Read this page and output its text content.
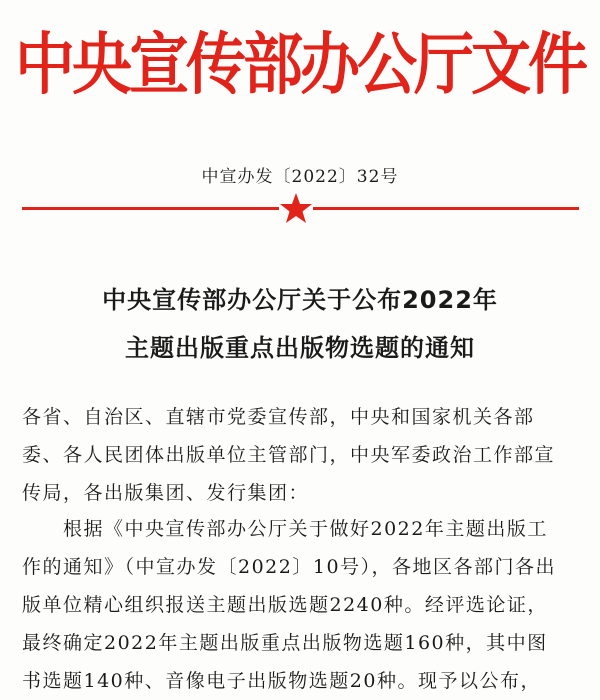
中央宣传部办公厅文件
中宣办发〔2022〕32号
中央宣传部办公厅关于公布2022年
主题出版重点出版物选题的通知
各省、自治区、直辖市党委宣传部，中央和国家机关各部
委、各人民团体出版单位主管部门，中央军委政治工作部宣
传局，各出版集团、发行集团：
根据《中央宣传部办公厅关于做好2022年主题出版工
作的通知》（中宣办发〔2022〕10号），各地区各部门各出
版单位精心组织报送主题出版选题2240种。经评选论证，
最终确定2022年主题出版重点出版物选题160种，其中图
书选题140种、音像电子出版物选题20种。现予以公布，
